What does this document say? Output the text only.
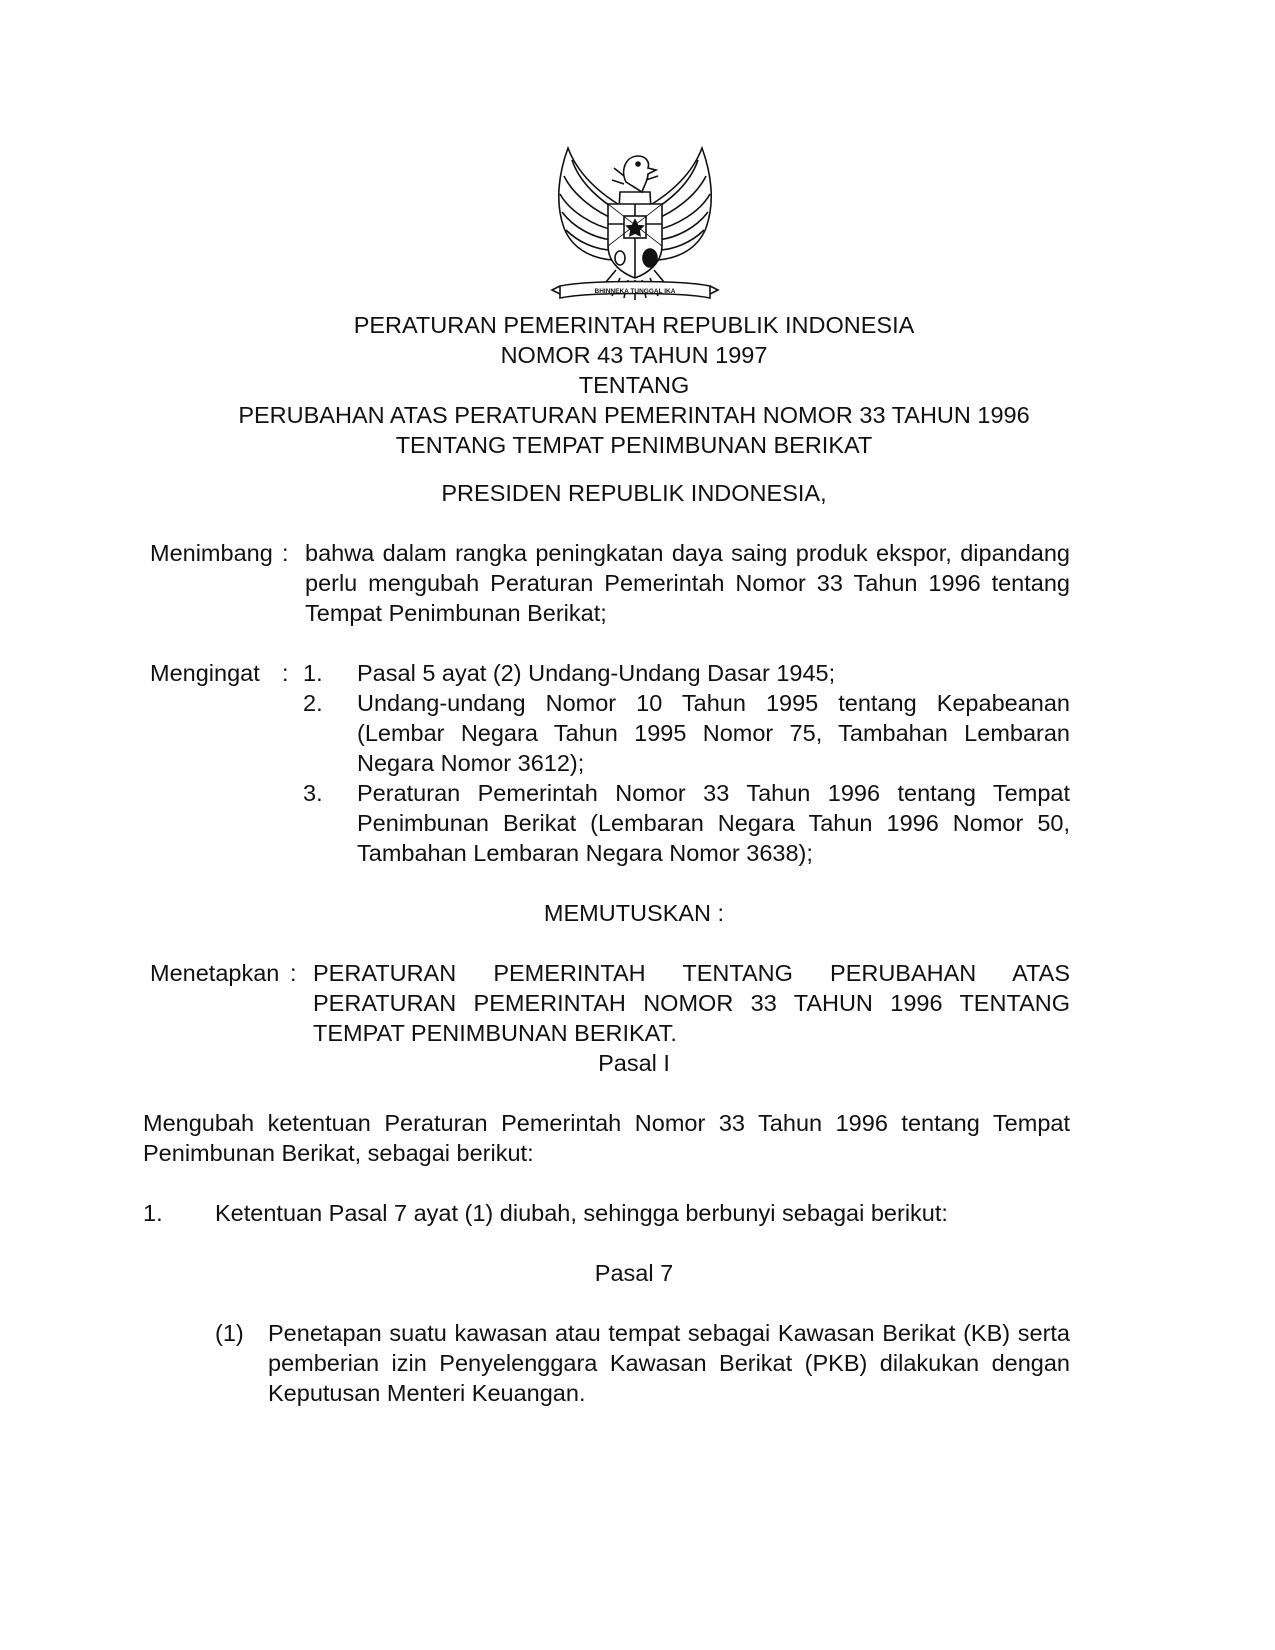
BHINNEKA TUNGGAL IKA
PERATURAN PEMERINTAH REPUBLIK INDONESIA
NOMOR 43 TAHUN 1997
TENTANG
PERUBAHAN ATAS PERATURAN PEMERINTAH NOMOR 33 TAHUN 1996
TENTANG TEMPAT PENIMBUNAN BERIKAT
PRESIDEN REPUBLIK INDONESIA,
Menimbang : bahwa dalam rangka peningkatan daya saing produk ekspor, dipandang perlu mengubah Peraturan Pemerintah Nomor 33 Tahun 1996 tentang Tempat Penimbunan Berikat;
Mengingat : 1. Pasal 5 ayat (2) Undang-Undang Dasar 1945;
2. Undang-undang Nomor 10 Tahun 1995 tentang Kepabeanan (Lembar Negara Tahun 1995 Nomor 75, Tambahan Lembaran Negara Nomor 3612);
3. Peraturan Pemerintah Nomor 33 Tahun 1996 tentang Tempat Penimbunan Berikat (Lembaran Negara Tahun 1996 Nomor 50, Tambahan Lembaran Negara Nomor 3638);
MEMUTUSKAN :
Menetapkan : PERATURAN PEMERINTAH TENTANG PERUBAHAN ATAS PERATURAN PEMERINTAH NOMOR 33 TAHUN 1996 TENTANG TEMPAT PENIMBUNAN BERIKAT.
Pasal I
Mengubah ketentuan Peraturan Pemerintah Nomor 33 Tahun 1996 tentang Tempat Penimbunan Berikat, sebagai berikut:
1. Ketentuan Pasal 7 ayat (1) diubah, sehingga berbunyi sebagai berikut:
Pasal 7
(1) Penetapan suatu kawasan atau tempat sebagai Kawasan Berikat (KB) serta pemberian izin Penyelenggara Kawasan Berikat (PKB) dilakukan dengan Keputusan Menteri Keuangan.
